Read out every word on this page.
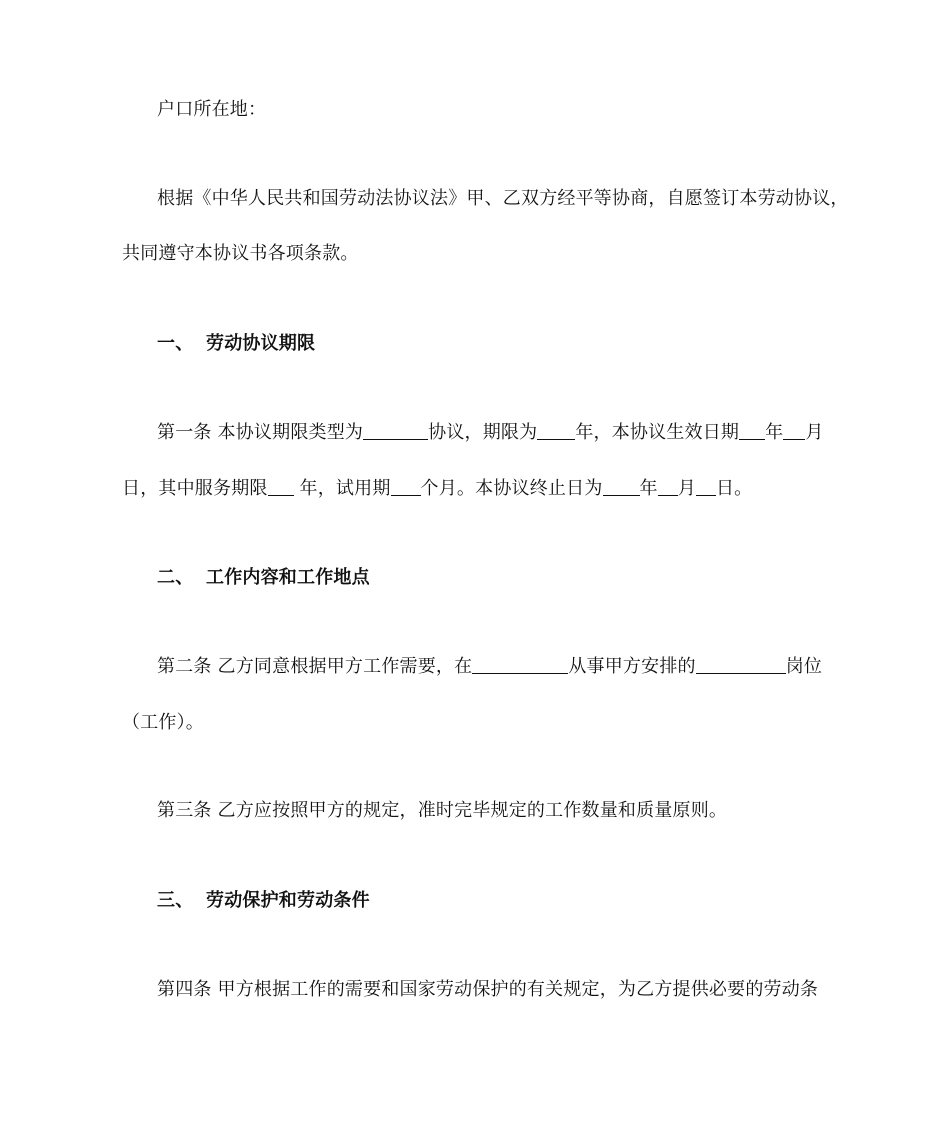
户口所在地：
根据《中华人民共和国劳动法协议法》甲、乙双方经平等协商，自愿签订本劳动协议，
共同遵守本协议书各项条款。
一、 劳动协议期限
第一条 本协议期限类型为	协议，期限为 年，本协议生效日期 年 月
日，其中服务期限 年，试用期 个月。本协议终止日为 年 月 日。
二、 工作内容和工作地点
第二条 乙方同意根据甲方工作需要，在	从事甲方安排的	岗位
（工作）。
第三条 乙方应按照甲方的规定，准时完毕规定的工作数量和质量原则。
三、 劳动保护和劳动条件
第四条 甲方根据工作的需要和国家劳动保护的有关规定，为乙方提供必要的劳动条
